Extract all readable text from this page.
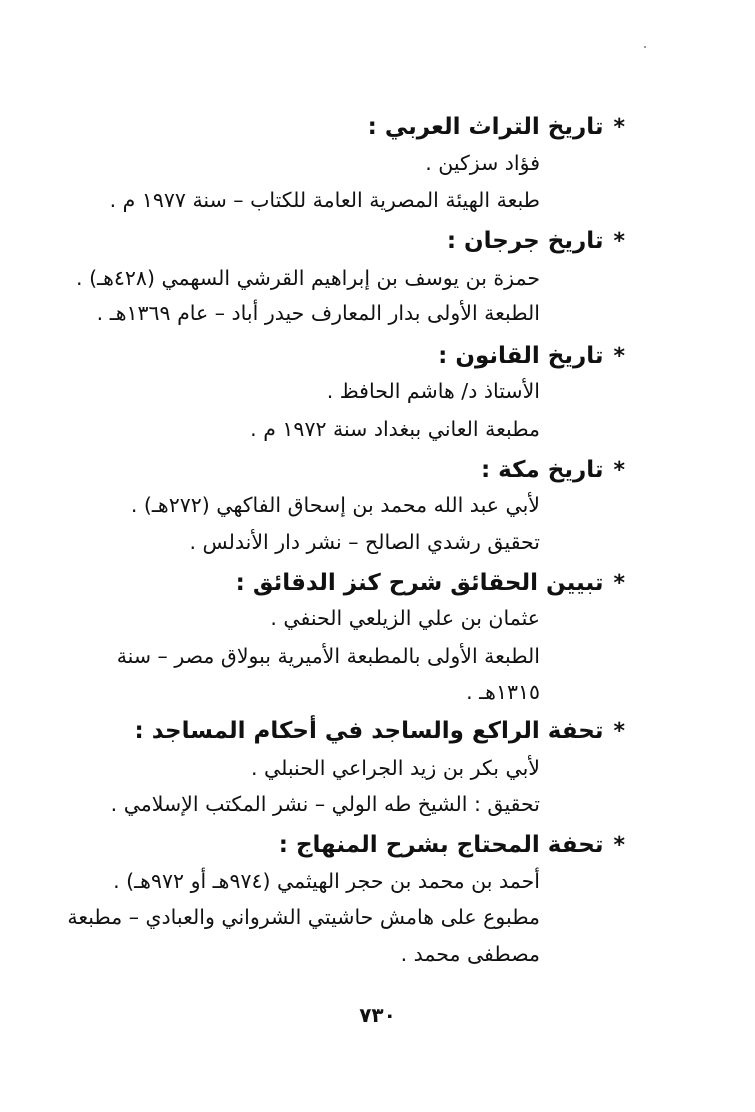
*تاريخ التراث العربي :
فؤاد سزكين .
طبعة الهيئة المصرية العامة للكتاب – سنة ١٩٧٧ م .
*تاريخ جرجان :
حمزة بن يوسف بن إبراهيم القرشي السهمي (٤٢٨هـ) .
الطبعة الأولى بدار المعارف حيدر أباد – عام ١٣٦٩هـ .
*تاريخ القانون :
الأستاذ د/ هاشم الحافظ .
مطبعة العاني ببغداد سنة ١٩٧٢ م .
*تاريخ مكة :
لأبي عبد الله محمد بن إسحاق الفاكهي (٢٧٢هـ) .
تحقيق رشدي الصالح – نشر دار الأندلس .
*تبيين الحقائق شرح كنز الدقائق :
عثمان بن علي الزيلعي الحنفي .
الطبعة الأولى بالمطبعة الأميرية ببولاق مصر – سنة
١٣١٥هـ .
*تحفة الراكع والساجد في أحكام المساجد :
لأبي بكر بن زيد الجراعي الحنبلي .
تحقيق : الشيخ طه الولي – نشر المكتب الإسلامي .
*تحفة المحتاج بشرح المنهاج :
أحمد بن محمد بن حجر الهيثمي (٩٧٤هـ أو ٩٧٢هـ) .
مطبوع على هامش حاشيتي الشرواني والعبادي – مطبعة
مصطفى محمد .
٧٣٠
